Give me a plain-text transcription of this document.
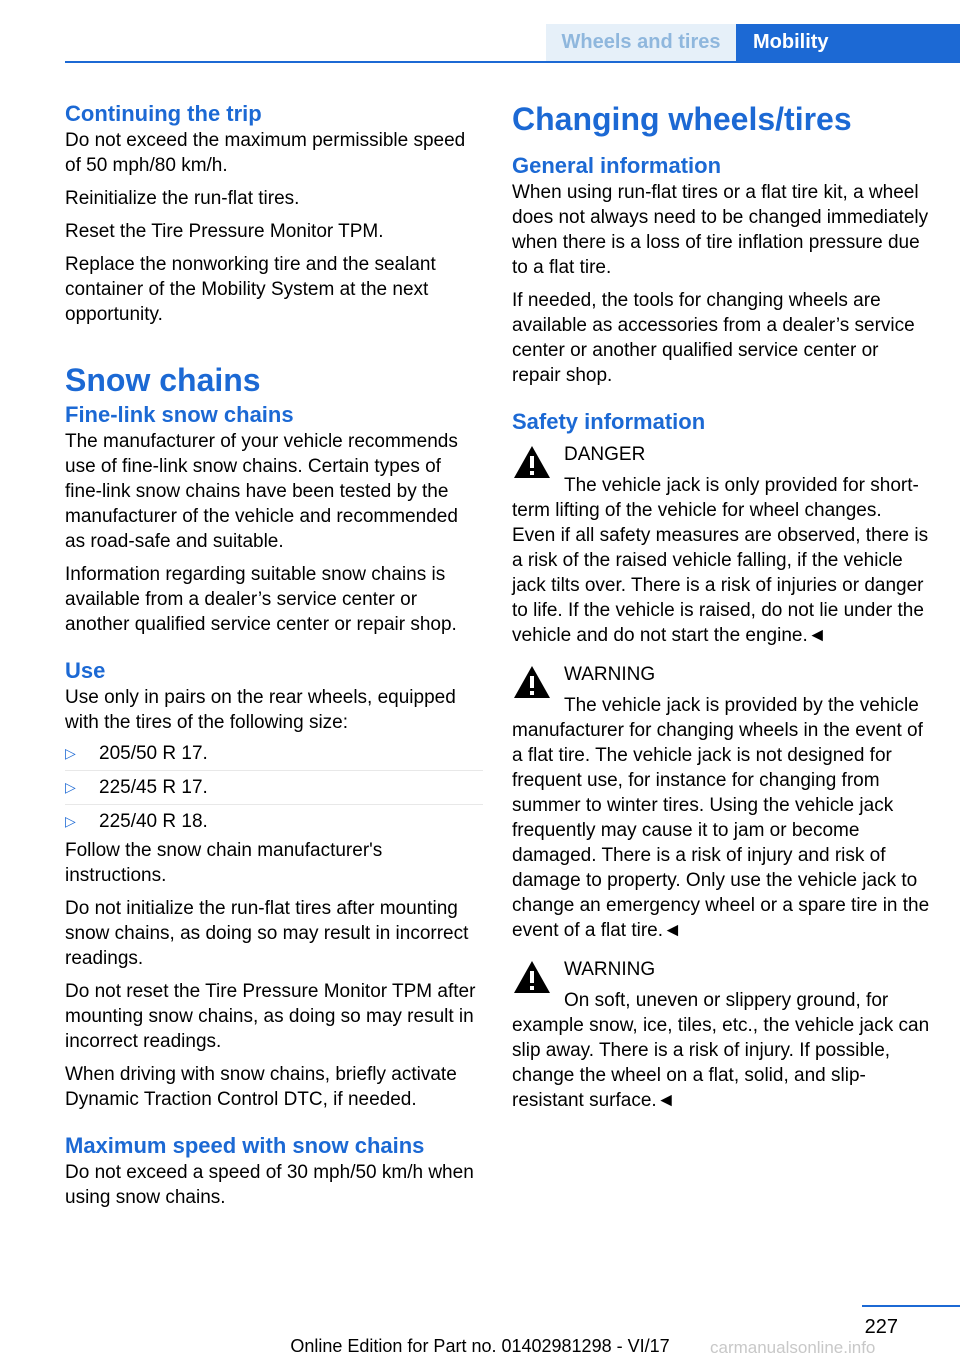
Wheels and tires	Mobility
Continuing the trip

Do not exceed the maximum permissible speed of 50 mph/80 km/h.

Reinitialize the run-flat tires.

Reset the Tire Pressure Monitor TPM.

Replace the nonworking tire and the sealant container of the Mobility System at the next opportunity.

Snow chains
Fine-link snow chains

The manufacturer of your vehicle recommends use of fine-link snow chains. Certain types of fine-link snow chains have been tested by the manufacturer of the vehicle and recommended as road-safe and suitable.

Information regarding suitable snow chains is available from a dealer’s service center or another qualified service center or repair shop.

Use

Use only in pairs on the rear wheels, equipped with the tires of the following size:

▷	205/50 R 17.
▷	225/45 R 17.
▷	225/40 R 18.

Follow the snow chain manufacturer's instructions.

Do not initialize the run-flat tires after mounting snow chains, as doing so may result in incorrect readings.

Do not reset the Tire Pressure Monitor TPM after mounting snow chains, as doing so may result in incorrect readings.

When driving with snow chains, briefly activate Dynamic Traction Control DTC, if needed.

Maximum speed with snow chains

Do not exceed a speed of 30 mph/50 km/h when using snow chains.

Changing wheels/tires
General information

When using run-flat tires or a flat tire kit, a wheel does not always need to be changed immediately when there is a loss of tire inflation pressure due to a flat tire.

If needed, the tools for changing wheels are available as accessories from a dealer’s service center or another qualified service center or repair shop.

Safety information
DANGER
The vehicle jack is only provided for short-term lifting of the vehicle for wheel changes. Even if all safety measures are observed, there is a risk of the raised vehicle falling, if the vehicle jack tilts over. There is a risk of injuries or danger to life. If the vehicle is raised, do not lie under the vehicle and do not start the engine.◄
WARNING
The vehicle jack is provided by the vehicle manufacturer for changing wheels in the event of a flat tire. The vehicle jack is not designed for frequent use, for instance for changing from summer to winter tires. Using the vehicle jack frequently may cause it to jam or become damaged. There is a risk of injury and risk of damage to property. Only use the vehicle jack to change an emergency wheel or a spare tire in the event of a flat tire.◄
WARNING
On soft, uneven or slippery ground, for example snow, ice, tiles, etc., the vehicle jack can slip away. There is a risk of injury. If possible, change the wheel on a flat, solid, and slip-resistant surface.◄
227
Online Edition for Part no. 01402981298 - VI/17	carmanualsonline.info
